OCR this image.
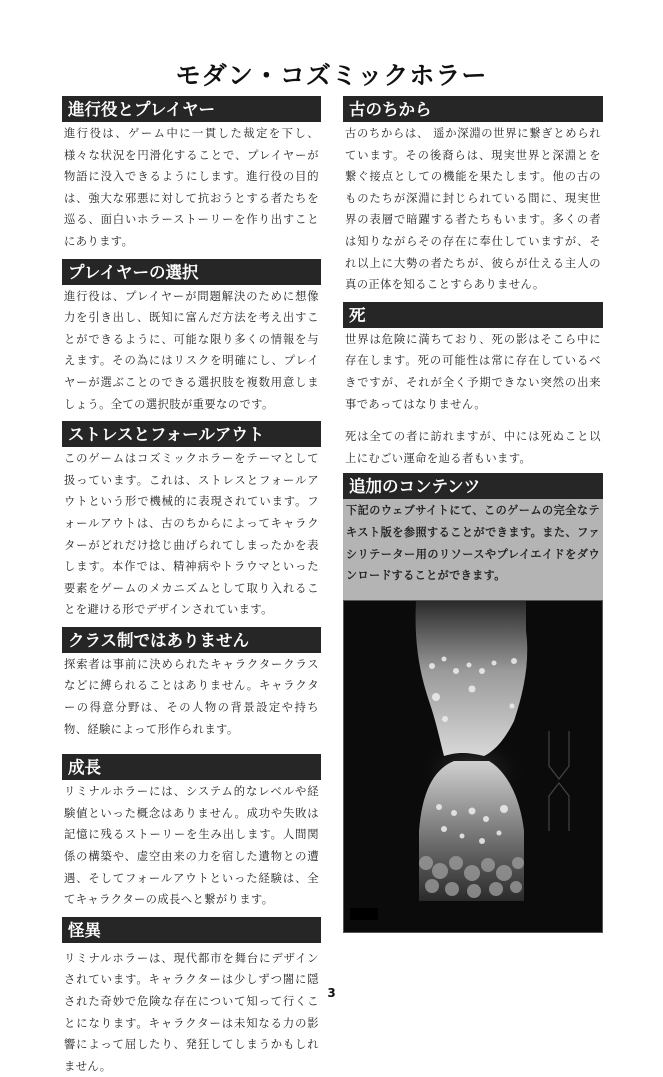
モダン・コズミックホラー
進行役とプレイヤー

進行役は、ゲーム中に一貫した裁定を下し、様々な状況を円滑化することで、プレイヤーが物語に没入できるようにします。進行役の目的は、強大な邪悪に対して抗おうとする者たちを巡る、面白いホラーストーリーを作り出すことにあります。

プレイヤーの選択

進行役は、プレイヤーが問題解決のために想像力を引き出し、既知に富んだ方法を考え出すことができるように、可能な限り多くの情報を与えます。その為にはリスクを明確にし、プレイヤーが選ぶことのできる選択肢を複数用意しましょう。全ての選択肢が重要なのです。

ストレスとフォールアウト

このゲームはコズミックホラーをテーマとして扱っています。これは、ストレスとフォールアウトという形で機械的に表現されています。フォールアウトは、古のちからによってキャラクターがどれだけ捻じ曲げられてしまったかを表します。本作では、精神病やトラウマといった要素をゲームのメカニズムとして取り入れることを避ける形でデザインされています。

クラス制ではありません

探索者は事前に決められたキャラクタークラスなどに縛られることはありません。キャラクターの得意分野は、その人物の背景設定や持ち物、経験によって形作られます。

成長

リミナルホラーには、システム的なレベルや経験値といった概念はありません。成功や失敗は記憶に残るストーリーを生み出します。人間関係の構築や、虚空由来の力を宿した遺物との遭遇、そしてフォールアウトといった経験は、全てキャラクターの成長へと繋がります。

怪異

リミナルホラーは、現代都市を舞台にデザインされています。キャラクターは少しずつ闇に隠された奇妙で危険な存在について知って行くことになります。キャラクターは未知なる力の影響によって屈したり、発狂してしまうかもしれません。

古のちから

古のちからは、 遥か深淵の世界に繋ぎとめられています。その後裔らは、現実世界と深淵とを繋ぐ接点としての機能を果たします。他の古のものたちが深淵に封じられている間に、現実世界の表層で暗躍する者たちもいます。多くの者は知りながらその存在に奉仕していますが、それ以上に大勢の者たちが、彼らが仕える主人の真の正体を知ることすらありません。

死

世界は危険に満ちており、死の影はそこら中に存在します。死の可能性は常に存在しているべきですが、それが全く予期できない突然の出来事であってはなりません。

死は全ての者に訪れますが、中には死ぬこと以上にむごい運命を辿る者もいます。

追加のコンテンツ

下記のウェブサイトにて、このゲームの完全なテキスト版を参照することができます。また、ファシリテーター用のリソースやプレイエイドをダウンロードすることができます。

3
